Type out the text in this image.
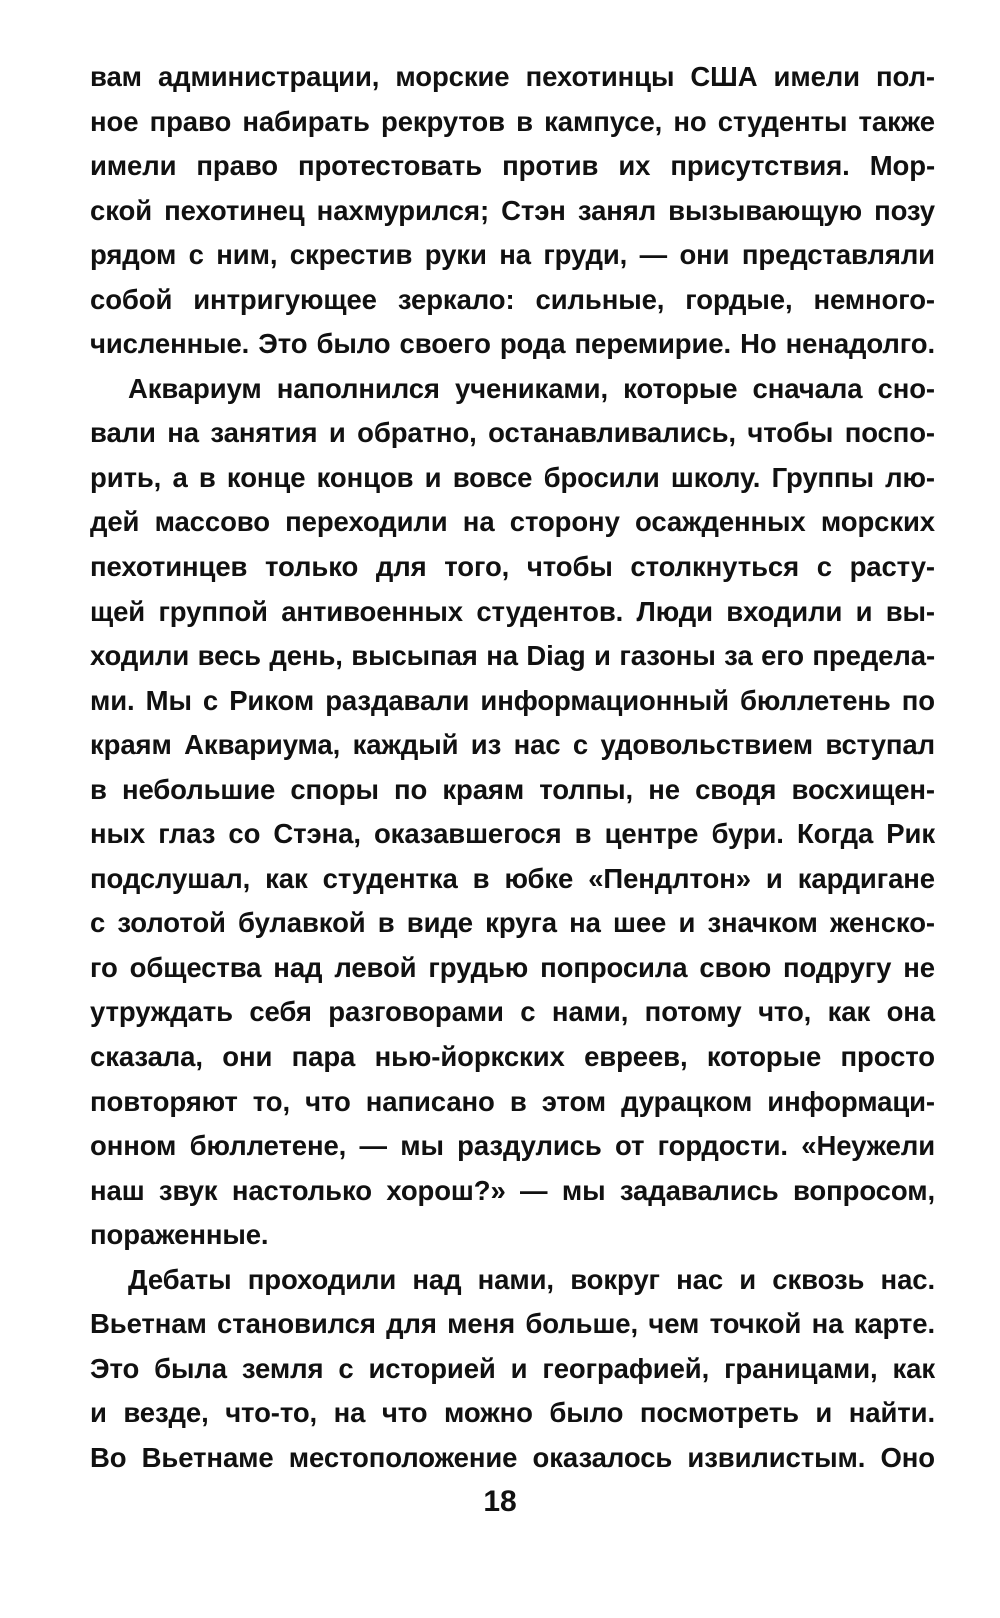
вам администрации, морские пехотинцы США имели пол-
ное право набирать рекрутов в кампусе, но студенты также
имели право протестовать против их присутствия. Мор-
ской пехотинец нахмурился; Стэн занял вызывающую позу
рядом с ним, скрестив руки на груди, — они представляли
собой интригующее зеркало: сильные, гордые, немного-
численные. Это было своего рода перемирие. Но ненадолго.
Аквариум наполнился учениками, которые сначала сно-
вали на занятия и обратно, останавливались, чтобы поспо-
рить, а в конце концов и вовсе бросили школу. Группы лю-
дей массово переходили на сторону осажденных морских
пехотинцев только для того, чтобы столкнуться с расту-
щей группой антивоенных студентов. Люди входили и вы-
ходили весь день, высыпая на Diag и газоны за его предела-
ми. Мы с Риком раздавали информационный бюллетень по
краям Аквариума, каждый из нас с удовольствием вступал
в небольшие споры по краям толпы, не сводя восхищен-
ных глаз со Стэна, оказавшегося в центре бури. Когда Рик
подслушал, как студентка в юбке «Пендлтон» и кардигане
с золотой булавкой в виде круга на шее и значком женско-
го общества над левой грудью попросила свою подругу не
утруждать себя разговорами с нами, потому что, как она
сказала, они пара нью-йоркских евреев, которые просто
повторяют то, что написано в этом дурацком информаци-
онном бюллетене, — мы раздулись от гордости. «Неужели
наш звук настолько хорош?» — мы задавались вопросом,
пораженные.
Дебаты проходили над нами, вокруг нас и сквозь нас.
Вьетнам становился для меня больше, чем точкой на карте.
Это была земля с историей и географией, границами, как
и везде, что-то, на что можно было посмотреть и найти.
Во Вьетнаме местоположение оказалось извилистым. Оно
18
